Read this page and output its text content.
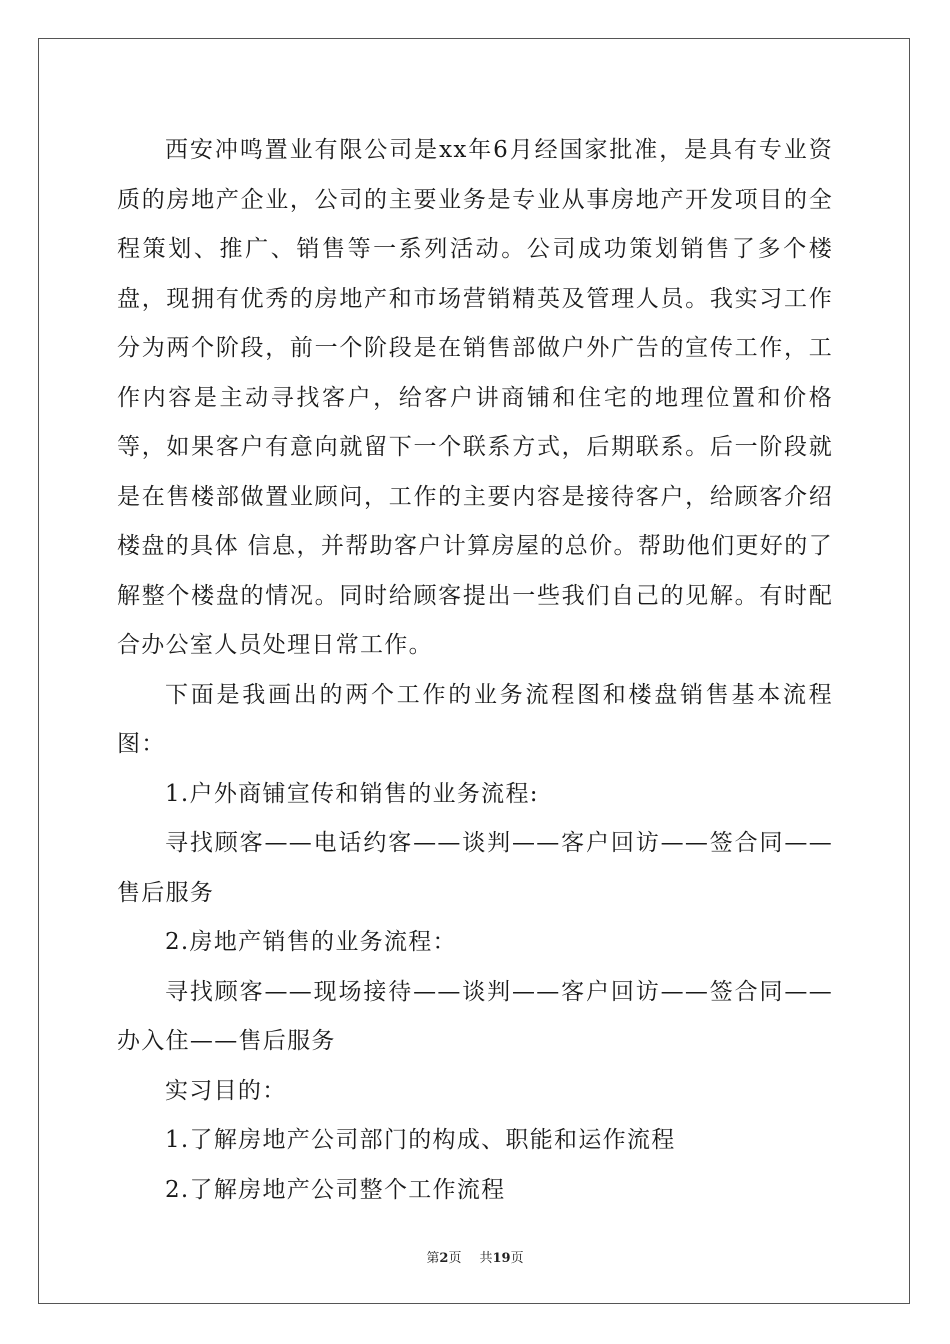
西安冲鸣置业有限公司是xx年6月经国家批准，是具有专业资质的房地产企业，公司的主要业务是专业从事房地产开发项目的全程策划、推广、销售等一系列活动。公司成功策划销售了多个楼盘，现拥有优秀的房地产和市场营销精英及管理人员。我实习工作分为两个阶段，前一个阶段是在销售部做户外广告的宣传工作，工作内容是主动寻找客户，给客户讲商铺和住宅的地理位置和价格等，如果客户有意向就留下一个联系方式，后期联系。后一阶段就是在售楼部做置业顾问，工作的主要内容是接待客户，给顾客介绍楼盘的具体 信息，并帮助客户计算房屋的总价。帮助他们更好的了解整个楼盘的情况。同时给顾客提出一些我们自己的见解。有时配合办公室人员处理日常工作。

下面是我画出的两个工作的业务流程图和楼盘销售基本流程图：

1.户外商铺宣传和销售的业务流程:

寻找顾客——电话约客——谈判——客户回访——签合同——售后服务

2.房地产销售的业务流程：

寻找顾客——现场接待——谈判——客户回访——签合同——办入住——售后服务

实习目的：

1.了解房地产公司部门的构成、职能和运作流程

2.了解房地产公司整个工作流程

第2页 共19页
